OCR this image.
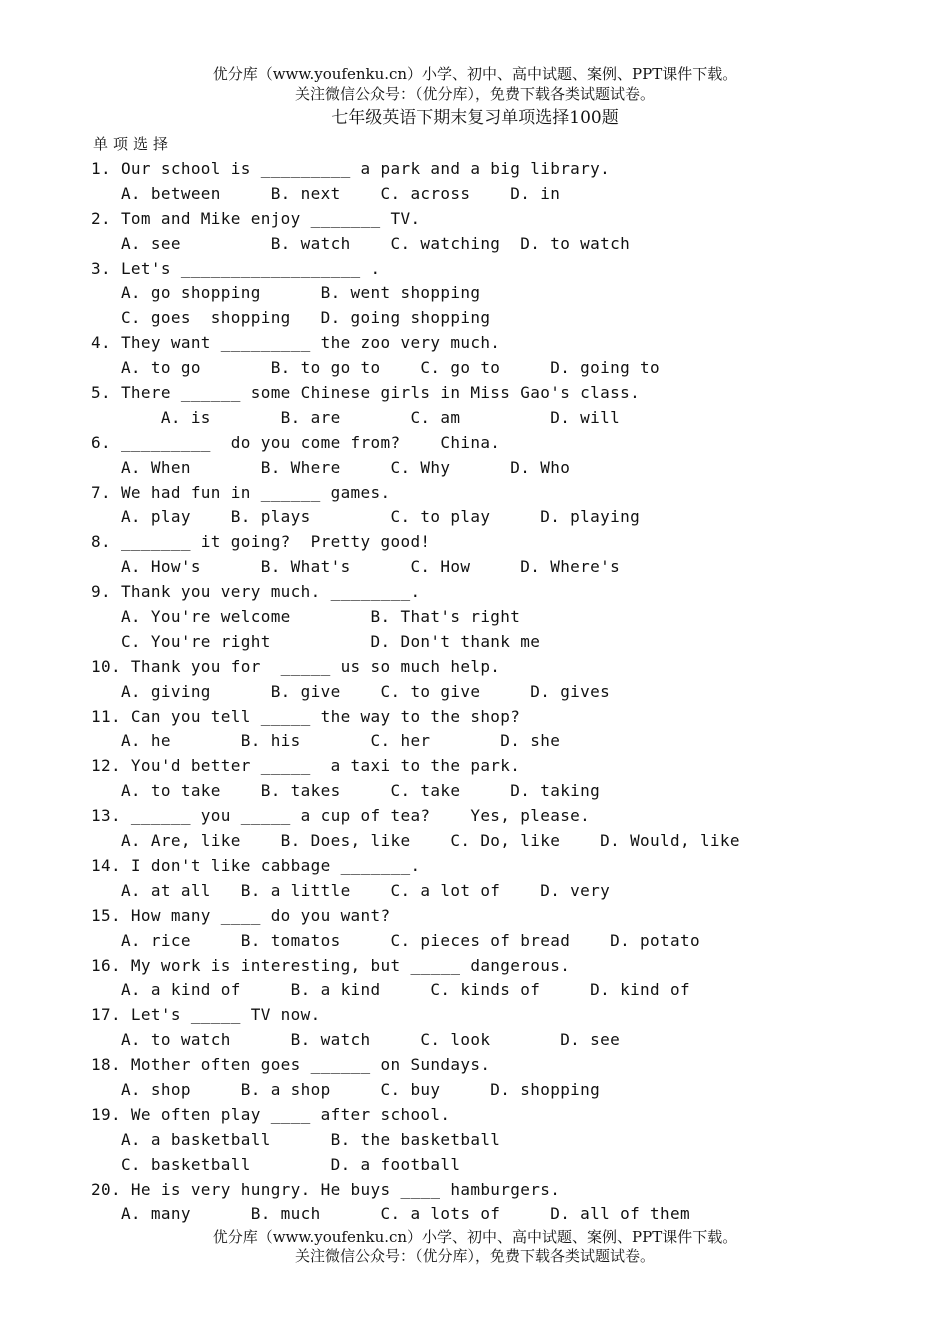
优分库（www.youfenku.cn）小学、初中、高中试题、案例、PPT课件下载。
关注微信公众号：（优分库），免费下载各类试题试卷。
七年级英语下期末复习单项选择100题
单项选择
1. Our school is _________ a park and a big library.
A. between     B. next    C. across    D. in
2. Tom and Mike enjoy _______ TV.
A. see         B. watch    C. watching  D. to watch
3. Let's __________________ .
A. go shopping      B. went shopping
C. goes  shopping   D. going shopping
4. They want _________ the zoo very much.
A. to go       B. to go to    C. go to     D. going to
5. There ______ some Chinese girls in Miss Gao's class.
A. is       B. are       C. am         D. will
6. _________  do you come from?    China.
A. When       B. Where     C. Why      D. Who
7. We had fun in ______ games.
A. play    B. plays        C. to play     D. playing
8. _______ it going?  Pretty good!
A. How's      B. What's      C. How     D. Where's
9. Thank you very much. ________.
A. You're welcome        B. That's right
C. You're right          D. Don't thank me
10. Thank you for  _____ us so much help.
A. giving      B. give    C. to give     D. gives
11. Can you tell _____ the way to the shop?
A. he       B. his       C. her       D. she
12. You'd better _____  a taxi to the park.
A. to take    B. takes     C. take     D. taking
13. ______ you _____ a cup of tea?    Yes, please.
A. Are, like    B. Does, like    C. Do, like    D. Would, like
14. I don't like cabbage _______.
A. at all   B. a little    C. a lot of    D. very
15. How many ____ do you want?
A. rice     B. tomatos     C. pieces of bread    D. potato
16. My work is interesting, but _____ dangerous.
A. a kind of     B. a kind     C. kinds of     D. kind of
17. Let's _____ TV now.
A. to watch      B. watch     C. look       D. see
18. Mother often goes ______ on Sundays.
A. shop     B. a shop     C. buy     D. shopping
19. We often play ____ after school.
A. a basketball      B. the basketball
C. basketball        D. a football
20. He is very hungry. He buys ____ hamburgers.
A. many      B. much      C. a lots of     D. all of them
优分库（www.youfenku.cn）小学、初中、高中试题、案例、PPT课件下载。
关注微信公众号：（优分库），免费下载各类试题试卷。
